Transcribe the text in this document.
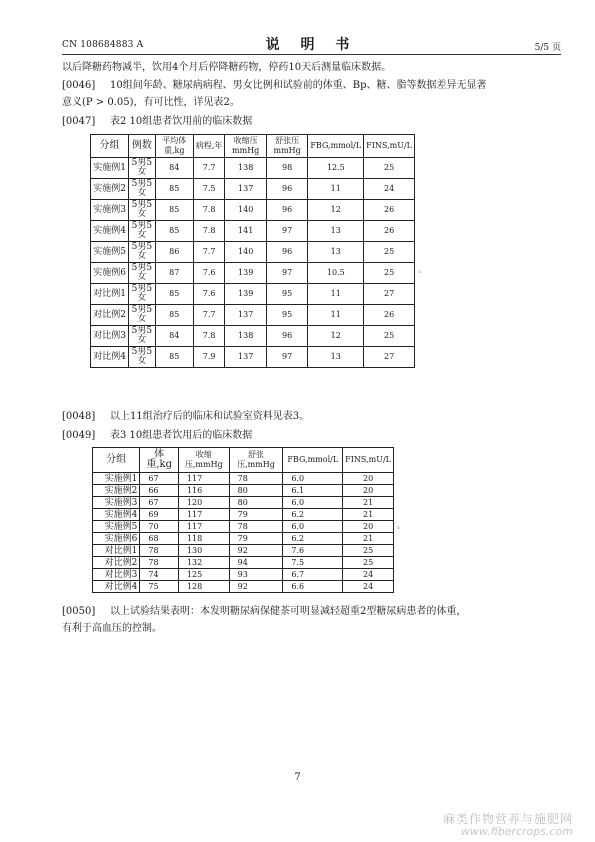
CN 108684883 A	说 明 书	5/5 页
以后降糖药物减半，饮用4个月后停降糖药物，停药10天后测量临床数据。
[0046] 10组间年龄、糖尿病病程、男女比例和试验前的体重、Bp、糖、脂等数据差异无显著
意义(P > 0.05)，有可比性，详见表2。
[0047] 表2 10组患者饮用前的临床数据
分组	例数	平均体重,kg	病程,年	收缩压mmHg	舒张压mmHg	FBG,mmol/L	FINS,mU/L
实施例1	5男5女	84	7.7	138	98	12.5	25
实施例2	5男5女	85	7.5	137	96	11	24
实施例3	5男5女	85	7.8	140	96	12	26
实施例4	5男5女	85	7.8	141	97	13	26
实施例5	5男5女	86	7.7	140	96	13	25
实施例6	5男5女	87	7.6	139	97	10.5	25
对比例1	5男5女	85	7.6	139	95	11	27
对比例2	5男5女	85	7.7	137	95	11	26
对比例3	5男5女	84	7.8	138	96	12	25
对比例4	5男5女	85	7.9	137	97	13	27
。
[0048] 以上11组治疗后的临床和试验室资料见表3。
[0049] 表3 10组患者饮用后的临床数据
分组	体重,kg	收缩压,mmHg	舒张压,mmHg	FBG,mmol/L	FINS,mU/L
实施例1	67	117	78	6.0	20
实施例2	66	116	80	6.1	20
实施例3	67	120	80	6.0	21
实施例4	69	117	79	6.2	21
实施例5	70	117	78	6.0	20
实施例6	68	118	79	6.2	21
对比例1	78	130	92	7.6	25
对比例2	78	132	94	7.5	25
对比例3	74	125	93	6.7	24
对比例4	75	128	92	6.6	24
。
[0050] 以上试验结果表明：本发明糖尿病保健茶可明显减轻超重2型糖尿病患者的体重，
有利于高血压的控制。
7
麻类作物营养与施肥网
www.fibercrops.com
